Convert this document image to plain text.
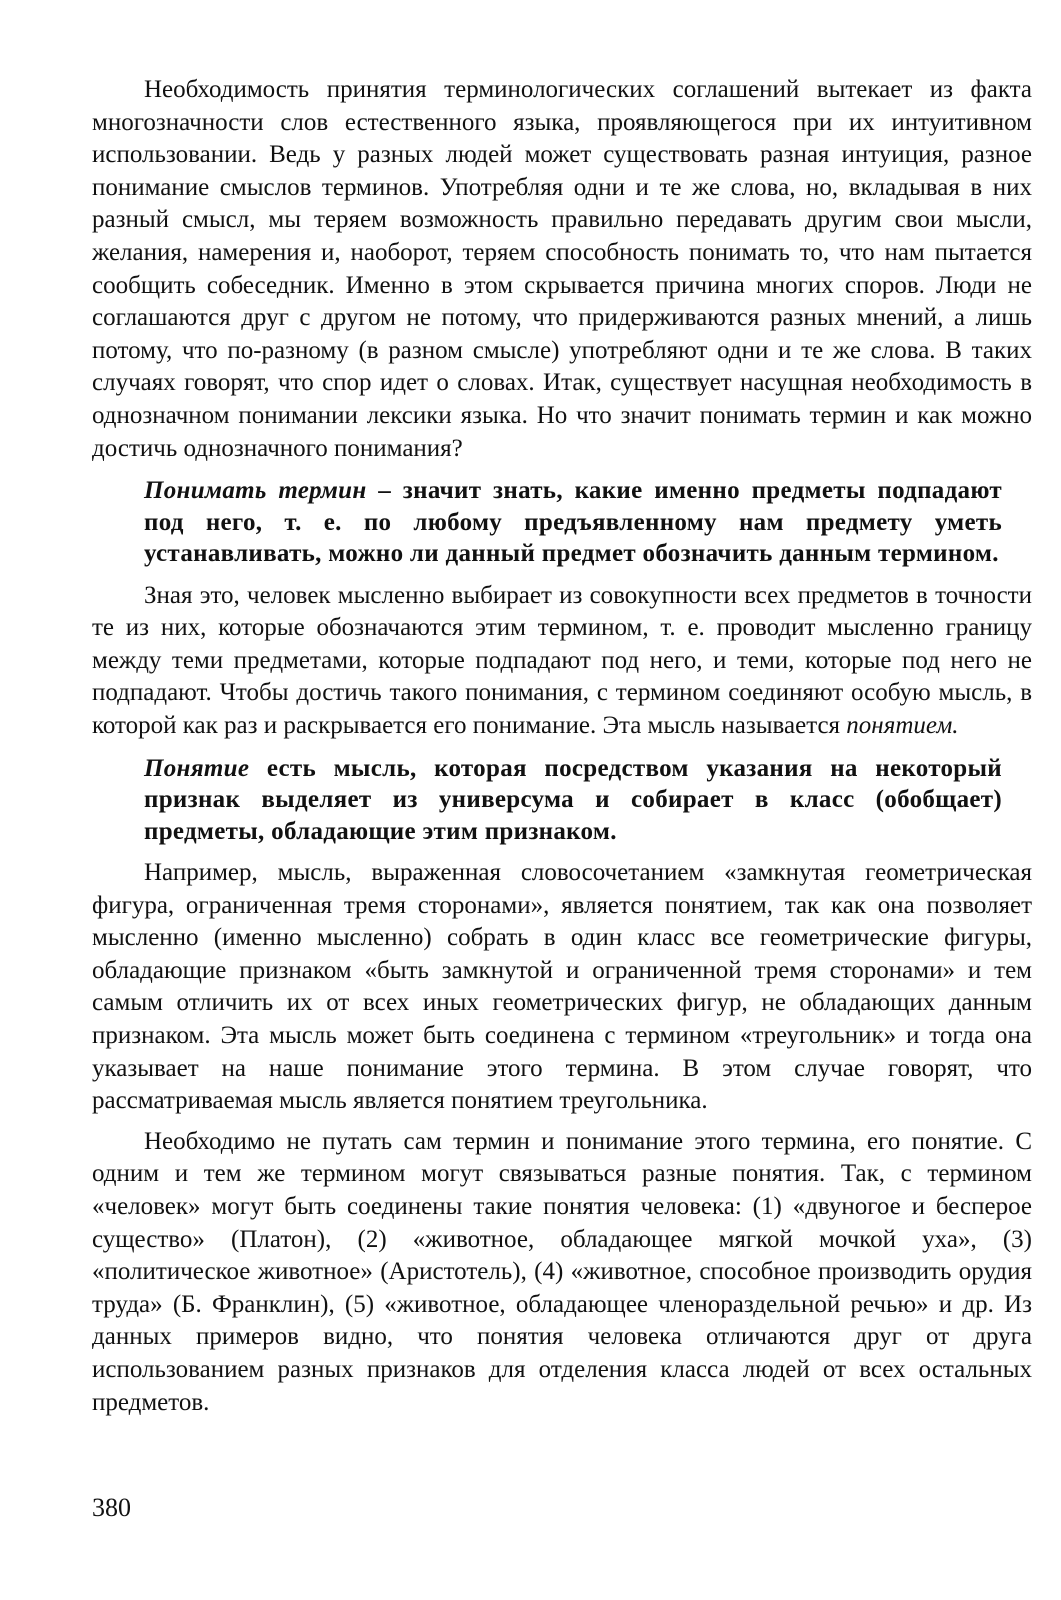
Необходимость принятия терминологических соглашений вытекает из факта многозначности слов естественного языка, проявляющегося при их интуитивном использовании. Ведь у разных людей может существовать разная интуиция, разное понимание смыслов терминов. Употребляя одни и те же слова, но, вкладывая в них разный смысл, мы теряем возможность правильно передавать другим свои мысли, желания, намерения и, наоборот, теряем способность понимать то, что нам пытается сообщить собеседник. Именно в этом скрывается причина многих споров. Люди не соглашаются друг с другом не потому, что придерживаются разных мнений, а лишь потому, что по-разному (в разном смысле) употребляют одни и те же слова. В таких случаях говорят, что спор идет о словах. Итак, существует насущная необходимость в однозначном понимании лексики языка. Но что значит понимать термин и как можно достичь однозначного понимания?

Понимать термин – значит знать, какие именно предметы подпадают под него, т. е. по любому предъявленному нам предмету уметь устанавливать, можно ли данный предмет обозначить данным термином.

Зная это, человек мысленно выбирает из совокупности всех предметов в точности те из них, которые обозначаются этим термином, т. е. проводит мысленно границу между теми предметами, которые подпадают под него, и теми, которые под него не подпадают. Чтобы достичь такого понимания, с термином соединяют особую мысль, в которой как раз и раскрывается его понимание. Эта мысль называется понятием.

Понятие есть мысль, которая посредством указания на некоторый признак выделяет из универсума и собирает в класс (обобщает) предметы, обладающие этим признаком.

Например, мысль, выраженная словосочетанием «замкнутая геометрическая фигура, ограниченная тремя сторонами», является понятием, так как она позволяет мысленно (именно мысленно) собрать в один класс все геометрические фигуры, обладающие признаком «быть замкнутой и ограниченной тремя сторонами» и тем самым отличить их от всех иных геометрических фигур, не обладающих данным признаком. Эта мысль может быть соединена с термином «треугольник» и тогда она указывает на наше понимание этого термина. В этом случае говорят, что рассматриваемая мысль является понятием треугольника.

Необходимо не путать сам термин и понимание этого термина, его понятие. С одним и тем же термином могут связываться разные понятия. Так, с термином «человек» могут быть соединены такие понятия человека: (1) «двуногое и бесперое существо» (Платон), (2) «животное, обладающее мягкой мочкой уха», (3) «политическое животное» (Аристотель), (4) «животное, способное производить орудия труда» (Б. Франклин), (5) «животное, обладающее членораздельной речью» и др. Из данных примеров видно, что понятия человека отличаются друг от друга использованием разных признаков для отделения класса людей от всех остальных предметов.

380
